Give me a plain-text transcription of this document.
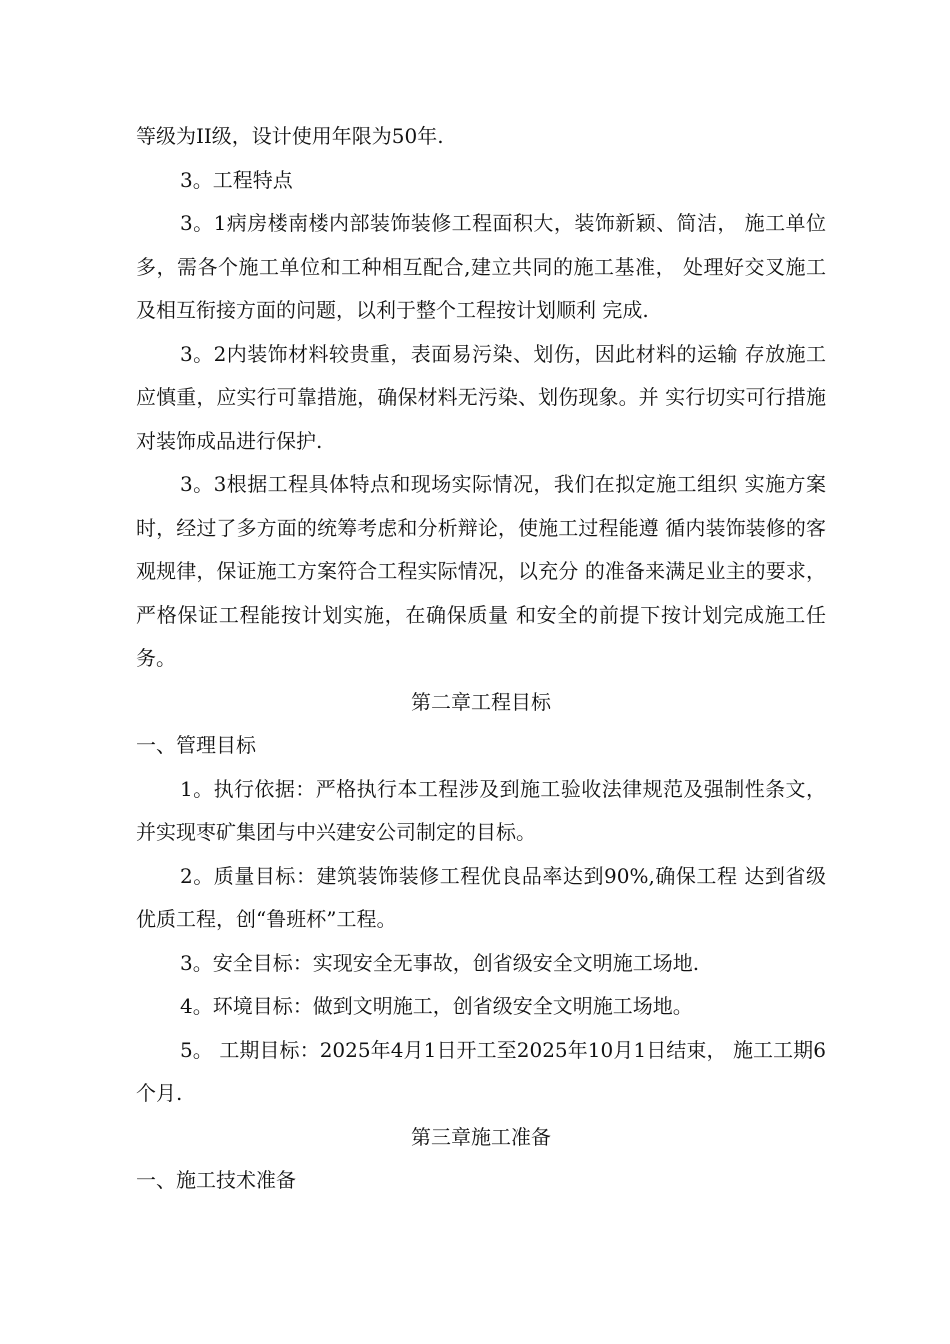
等级为II级，设计使用年限为50年.

3。工程特点

3。1病房楼南楼内部装饰装修工程面积大，装饰新颖、简洁， 施工单位多，需各个施工单位和工种相互配合,建立共同的施工基准， 处理好交叉施工及相互衔接方面的问题，以利于整个工程按计划顺利 完成.

3。2内装饰材料较贵重，表面易污染、划伤，因此材料的运输 存放施工应慎重，应实行可靠措施，确保材料无污染、划伤现象。并 实行切实可行措施对装饰成品进行保护.

3。3根据工程具体特点和现场实际情况，我们在拟定施工组织 实施方案时，经过了多方面的统筹考虑和分析辩论，使施工过程能遵 循内装饰装修的客观规律，保证施工方案符合工程实际情况，以充分 的准备来满足业主的要求，严格保证工程能按计划实施，在确保质量 和安全的前提下按计划完成施工任务。

第二章工程目标

一、管理目标

1。执行依据：严格执行本工程涉及到施工验收法律规范及强制性条文，并实现枣矿集团与中兴建安公司制定的目标。

2。质量目标：建筑装饰装修工程优良品率达到90%,确保工程 达到省级优质工程，创“鲁班杯”工程。

3。安全目标：实现安全无事故，创省级安全文明施工场地.

4。环境目标：做到文明施工，创省级安全文明施工场地。

5。 工期目标：2025年4月1日开工至2025年10月1日结束， 施工工期6个月.

第三章施工准备

一、施工技术准备
